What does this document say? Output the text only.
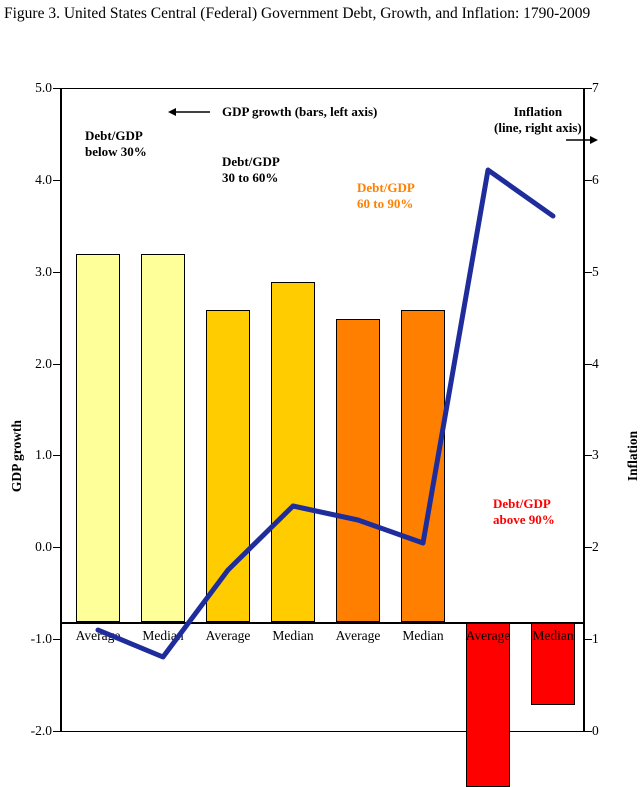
Figure 3. United States Central (Federal) Government Debt, Growth, and Inflation: 1790-2009
5.0
4.0
3.0
2.0
1.0
0.0
-1.0
-2.0
7
6
5
4
3
2
1
0
GDP growth	Inflation
Average	Median	Average	Median	Average	Median	Average	Median
GDP growth (bars, left axis)	Inflation
(line, right axis)
Debt/GDP
below 30%
Debt/GDP
30 to 60%
Debt/GDP
60 to 90%
Debt/GDP
above 90%
